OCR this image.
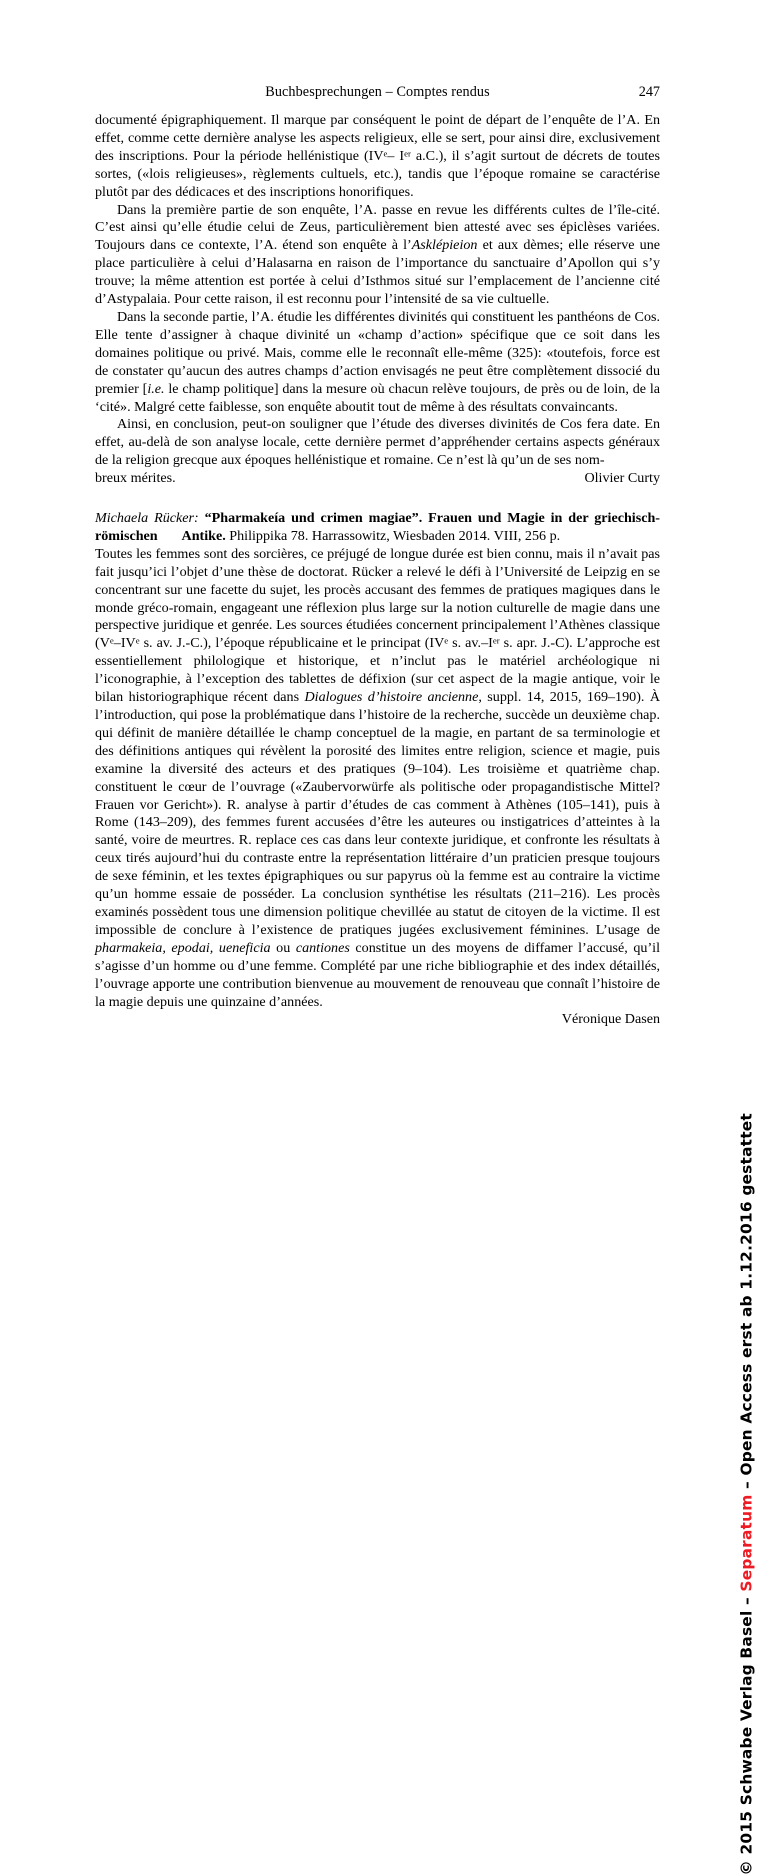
Buchbesprechungen – Comptes rendus	247

documenté épigraphiquement. Il marque par conséquent le point de départ de l’enquête de l’A. En effet, comme cette dernière analyse les aspects religieux, elle se sert, pour ainsi dire, exclusivement des inscriptions. Pour la période hellénistique (IVe– Ier a.C.), il s’agit surtout de décrets de toutes sortes, («lois religieuses», règlements cultuels, etc.), tandis que l’époque romaine se caractérise plutôt par des dédicaces et des inscriptions honorifiques.

Dans la première partie de son enquête, l’A. passe en revue les différents cultes de l’île-cité. C’est ainsi qu’elle étudie celui de Zeus, particulièrement bien attesté avec ses épiclèses variées. Toujours dans ce contexte, l’A. étend son enquête à l’Asklépieion et aux dèmes; elle réserve une place particulière à celui d’Halasarna en raison de l’importance du sanctuaire d’Apollon qui s’y trouve; la même attention est portée à celui d’Isthmos situé sur l’emplacement de l’ancienne cité d’Astypalaia. Pour cette raison, il est reconnu pour l’intensité de sa vie cultuelle.

Dans la seconde partie, l’A. étudie les différentes divinités qui constituent les panthéons de Cos. Elle tente d’assigner à chaque divinité un «champ d’action» spécifique que ce soit dans les domaines politique ou privé. Mais, comme elle le reconnaît elle-même (325): «toutefois, force est de constater qu’aucun des autres champs d’action envisagés ne peut être complètement dissocié du premier [i.e. le champ politique] dans la mesure où chacun relève toujours, de près ou de loin, de la ‘cité». Malgré cette faiblesse, son enquête aboutit tout de même à des résultats convaincants.

Ainsi, en conclusion, peut-on souligner que l’étude des diverses divinités de Cos fera date. En effet, au-delà de son analyse locale, cette dernière permet d’appréhender certains aspects généraux de la religion grecque aux époques hellénistique et romaine. Ce n’est là qu’un de ses nom-

breux mérites.	Olivier Curty

Michaela Rücker: “Pharmakeía und crimen magiae”. Frauen und Magie in der griechisch-römischen       Antike. Philippika 78. Harrassowitz, Wiesbaden 2014. VIII, 256 p.

Toutes les femmes sont des sorcières, ce préjugé de longue durée est bien connu, mais il n’avait pas fait jusqu’ici l’objet d’une thèse de doctorat. Rücker a relevé le défi à l’Université de Leipzig en se concentrant sur une facette du sujet, les procès accusant des femmes de pratiques magiques dans le monde gréco-romain, engageant une réflexion plus large sur la notion culturelle de magie dans une perspective juridique et genrée. Les sources étudiées concernent principalement l’Athènes classique (Ve–IVe s. av. J.-C.), l’époque républicaine et le principat (IVe s. av.–Ier s. apr. J.-C). L’approche est essentiellement philologique et historique, et n’inclut pas le matériel archéologique ni l’iconographie, à l’exception des tablettes de défixion (sur cet aspect de la magie antique, voir le bilan historiographique récent dans Dialogues d’histoire ancienne, suppl. 14, 2015, 169–190). À l’introduction, qui pose la problématique dans l’histoire de la recherche, succède un deuxième chap. qui définit de manière détaillée le champ conceptuel de la magie, en partant de sa terminologie et des définitions antiques qui révèlent la porosité des limites entre religion, science et magie, puis examine la diversité des acteurs et des pratiques (9–104). Les troisième et quatrième chap. constituent le cœur de l’ouvrage («Zaubervorwürfe als politische oder propagandistische Mittel? Frauen vor Gericht»). R. analyse à partir d’études de cas comment à Athènes (105–141), puis à Rome (143–209), des femmes furent accusées d’être les auteures ou instigatrices d’atteintes à la santé, voire de meurtres. R. replace ces cas dans leur contexte juridique, et confronte les résultats à ceux tirés aujourd’hui du contraste entre la représentation littéraire d’un praticien presque toujours de sexe féminin, et les textes épigraphiques ou sur papyrus où la femme est au contraire la victime qu’un homme essaie de posséder. La conclusion synthétise les résultats (211–216). Les procès examinés possèdent tous une dimension politique chevillée au statut de citoyen de la victime. Il est impossible de conclure à l’existence de pratiques jugées exclusivement féminines. L’usage de pharmakeia, epodai, ueneficia ou cantiones constitue un des moyens de diffamer l’accusé, qu’il s’agisse d’un homme ou d’une femme. Complété par une riche bibliographie et des index détaillés, l’ouvrage apporte une contribution bienvenue au mouvement de renouveau que connaît l’histoire de la magie depuis une quinzaine d’années.

Véronique Dasen

© 2015 Schwabe Verlag Basel – Separatum – Open Access erst ab 1.12.2016 gestattet
